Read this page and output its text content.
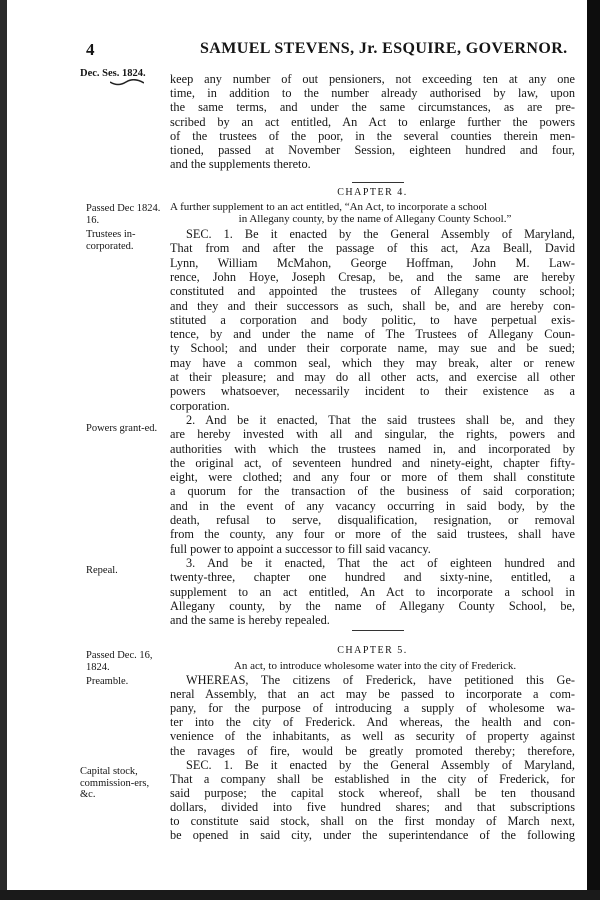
4	SAMUEL STEVENS, Jr. ESQUIRE, GOVERNOR.
Dec. Ses. 1824.
Passed Dec 1824. 16.
Trustees in-corporated.
Powers grant-ed.
Repeal.
Passed Dec. 16, 1824.
Preamble.
Capital stock, commission-ers, &c.
keep any number of out pensioners, not exceeding ten at any one
time, in addition to the number already authorised by law, upon
the same terms, and under the same circumstances, as are pre-
scribed by an act entitled, An Act to enlarge further the powers
of the trustees of the poor, in the several counties therein men-
tioned, passed at November Session, eighteen hundred and four,
and the supplements thereto.
CHAPTER 4.
A further supplement to an act entitled, “An Act, to incorporate a school
in Allegany county, by the name of Allegany County School.”
SEC. 1. Be it enacted by the General Assembly of Maryland,
That from and after the passage of this act, Aza Beall, David
Lynn, William McMahon, George Hoffman, John M. Law-
rence, John Hoye, Joseph Cresap, be, and the same are hereby
constituted and appointed the trustees of Allegany county school;
and they and their successors as such, shall be, and are hereby con-
stituted a corporation and body politic, to have perpetual exis-
tence, by and under the name of The Trustees of Allegany Coun-
ty School; and under their corporate name, may sue and be sued;
may have a common seal, which they may break, alter or renew
at their pleasure; and may do all other acts, and exercise all other
powers whatsoever, necessarily incident to their existence as a
corporation.
2. And be it enacted, That the said trustees shall be, and they
are hereby invested with all and singular, the rights, powers and
authorities with which the trustees named in, and incorporated by
the original act, of seventeen hundred and ninety-eight, chapter fifty-
eight, were clothed; and any four or more of them shall constitute
a quorum for the transaction of the business of said corporation;
and in the event of any vacancy occurring in said body, by the
death, refusal to serve, disqualification, resignation, or removal
from the county, any four or more of the said trustees, shall have
full power to appoint a successor to fill said vacancy.
3. And be it enacted, That the act of eighteen hundred and
twenty-three, chapter one hundred and sixty-nine, entitled, a
supplement to an act entitled, An Act to incorporate a school in
Allegany county, by the name of Allegany County School, be,
and the same is hereby repealed.
CHAPTER 5.
An act, to introduce wholesome water into the city of Frederick.
WHEREAS, The citizens of Frederick, have petitioned this Ge-
neral Assembly, that an act may be passed to incorporate a com-
pany, for the purpose of introducing a supply of wholesome wa-
ter into the city of Frederick. And whereas, the health and con-
venience of the inhabitants, as well as security of property against
the ravages of fire, would be greatly promoted thereby; therefore,
SEC. 1. Be it enacted by the General Assembly of Maryland,
That a company shall be established in the city of Frederick, for
said purpose; the capital stock whereof, shall be ten thousand
dollars, divided into five hundred shares; and that subscriptions
to constitute said stock, shall on the first monday of March next,
be opened in said city, under the superintendance of the following
